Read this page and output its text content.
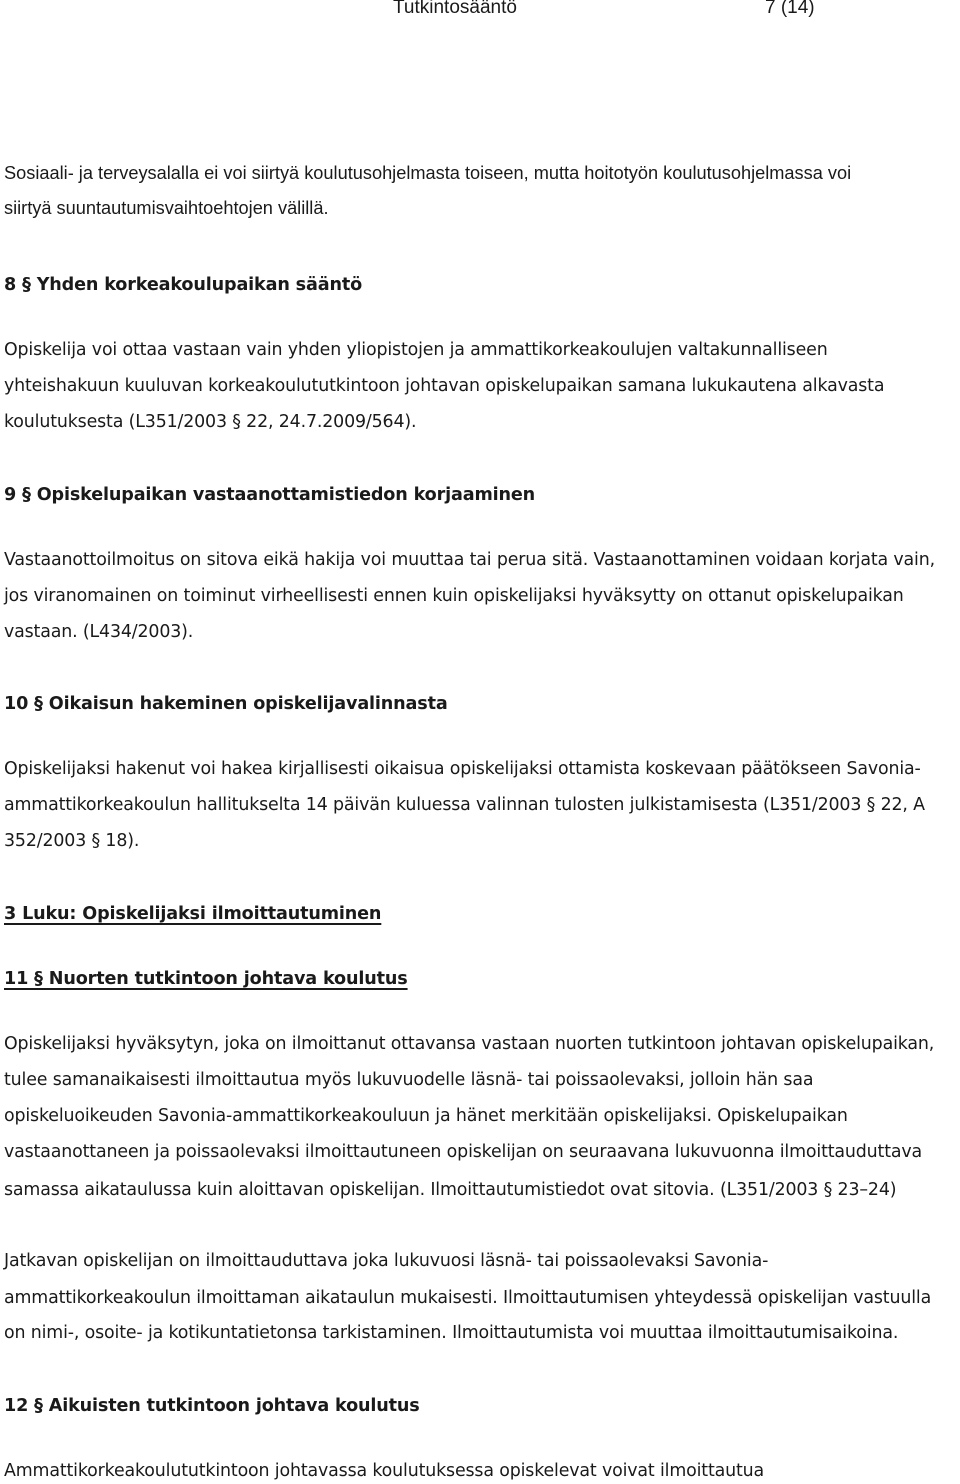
Tutkintosääntö	7 (14)
Sosiaali- ja terveysalalla ei voi siirtyä koulutusohjelmasta toiseen, mutta hoitotyön koulutusohjelmassa voi
siirtyä suuntautumisvaihtoehtojen välillä.
8 § Yhden korkeakoulupaikan sääntö
Opiskelija voi ottaa vastaan vain yhden yliopistojen ja ammattikorkeakoulujen valtakunnalliseen
yhteishakuun kuuluvan korkeakoulututkintoon johtavan opiskelupaikan samana lukukautena alkavasta
koulutuksesta (L351/2003 § 22, 24.7.2009/564).
9 § Opiskelupaikan vastaanottamistiedon korjaaminen
Vastaanottoilmoitus on sitova eikä hakija voi muuttaa tai perua sitä. Vastaanottaminen voidaan korjata vain,
jos viranomainen on toiminut virheellisesti ennen kuin opiskelijaksi hyväksytty on ottanut opiskelupaikan
vastaan. (L434/2003).
10 § Oikaisun hakeminen opiskelijavalinnasta
Opiskelijaksi hakenut voi hakea kirjallisesti oikaisua opiskelijaksi ottamista koskevaan päätökseen Savonia-
ammattikorkeakoulun hallitukselta 14 päivän kuluessa valinnan tulosten julkistamisesta (L351/2003 § 22, A
352/2003 § 18).
3 Luku: Opiskelijaksi ilmoittautuminen
11 § Nuorten tutkintoon johtava koulutus
Opiskelijaksi hyväksytyn, joka on ilmoittanut ottavansa vastaan nuorten tutkintoon johtavan opiskelupaikan,
tulee samanaikaisesti ilmoittautua myös lukuvuodelle läsnä- tai poissaolevaksi, jolloin hän saa
opiskeluoikeuden Savonia-ammattikorkeakouluun ja hänet merkitään opiskelijaksi. Opiskelupaikan
vastaanottaneen ja poissaolevaksi ilmoittautuneen opiskelijan on seuraavana lukuvuonna ilmoittauduttava
samassa aikataulussa kuin aloittavan opiskelijan. Ilmoittautumistiedot ovat sitovia. (L351/2003 § 23–24)
Jatkavan opiskelijan on ilmoittauduttava joka lukuvuosi läsnä- tai poissaolevaksi Savonia-
ammattikorkeakoulun ilmoittaman aikataulun mukaisesti. Ilmoittautumisen yhteydessä opiskelijan vastuulla
on nimi-, osoite- ja kotikuntatietonsa tarkistaminen. Ilmoittautumista voi muuttaa ilmoittautumisaikoina.
12 § Aikuisten tutkintoon johtava koulutus
Ammattikorkeakoulututkintoon johtavassa koulutuksessa opiskelevat voivat ilmoittautua
